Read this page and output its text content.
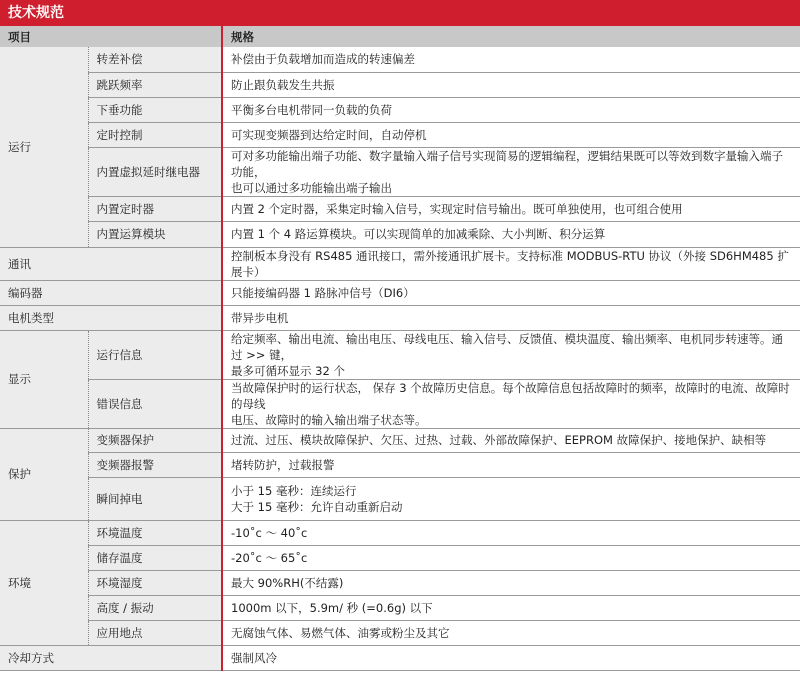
技术规范
项目		规格
运行	转差补偿	补偿由于负载增加而造成的转速偏差
	跳跃频率	防止跟负载发生共振
	下垂功能	平衡多台电机带同一负载的负荷
	定时控制	可实现变频器到达给定时间，自动停机
	内置虚拟延时继电器	可对多功能输出端子功能、数字量输入端子信号实现简易的逻辑编程，逻辑结果既可以等效到数字量输入端子功能，
也可以通过多功能输出端子输出

	内置定时器	内置 2 个定时器，采集定时输入信号，实现定时信号输出。既可单独使用，也可组合使用
	内置运算模块	内置 1 个 4 路运算模块。可以实现简单的加减乘除、大小判断、积分运算
通讯		控制板本身没有 RS485 通讯接口，需外接通讯扩展卡。支持标准 MODBUS-RTU 协议（外接 SD6HM485 扩展卡）
编码器		只能接编码器 1 路脉冲信号（DI6）
电机类型		带异步电机
显示	运行信息	给定频率、输出电流、输出电压、母线电压、输入信号、反馈值、模块温度、输出频率、电机同步转速等。通过 >> 键，
最多可循环显示 32 个

	错误信息	当故障保护时的运行状态， 保存 3 个故障历史信息。每个故障信息包括故障时的频率，故障时的电流、故障时的母线
电压、故障时的输入输出端子状态等。

保护	变频器保护	过流、过压、模块故障保护、欠压、过热、过载、外部故障保护、EEPROM 故障保护、接地保护、缺相等
	变频器报警	堵转防护，过载报警
	瞬间掉电	小于 15 毫秒：连续运行
大于 15 毫秒：允许自动重新启动

环境	环境温度	-10˚c ～ 40˚c
	储存温度	-20˚c ～ 65˚c
	环境湿度	最大 90%RH(不结露)
	高度 / 振动	1000m 以下，5.9m/ 秒 (=0.6g) 以下
	应用地点	无腐蚀气体、易燃气体、油雾或粉尘及其它
冷却方式		强制风冷
